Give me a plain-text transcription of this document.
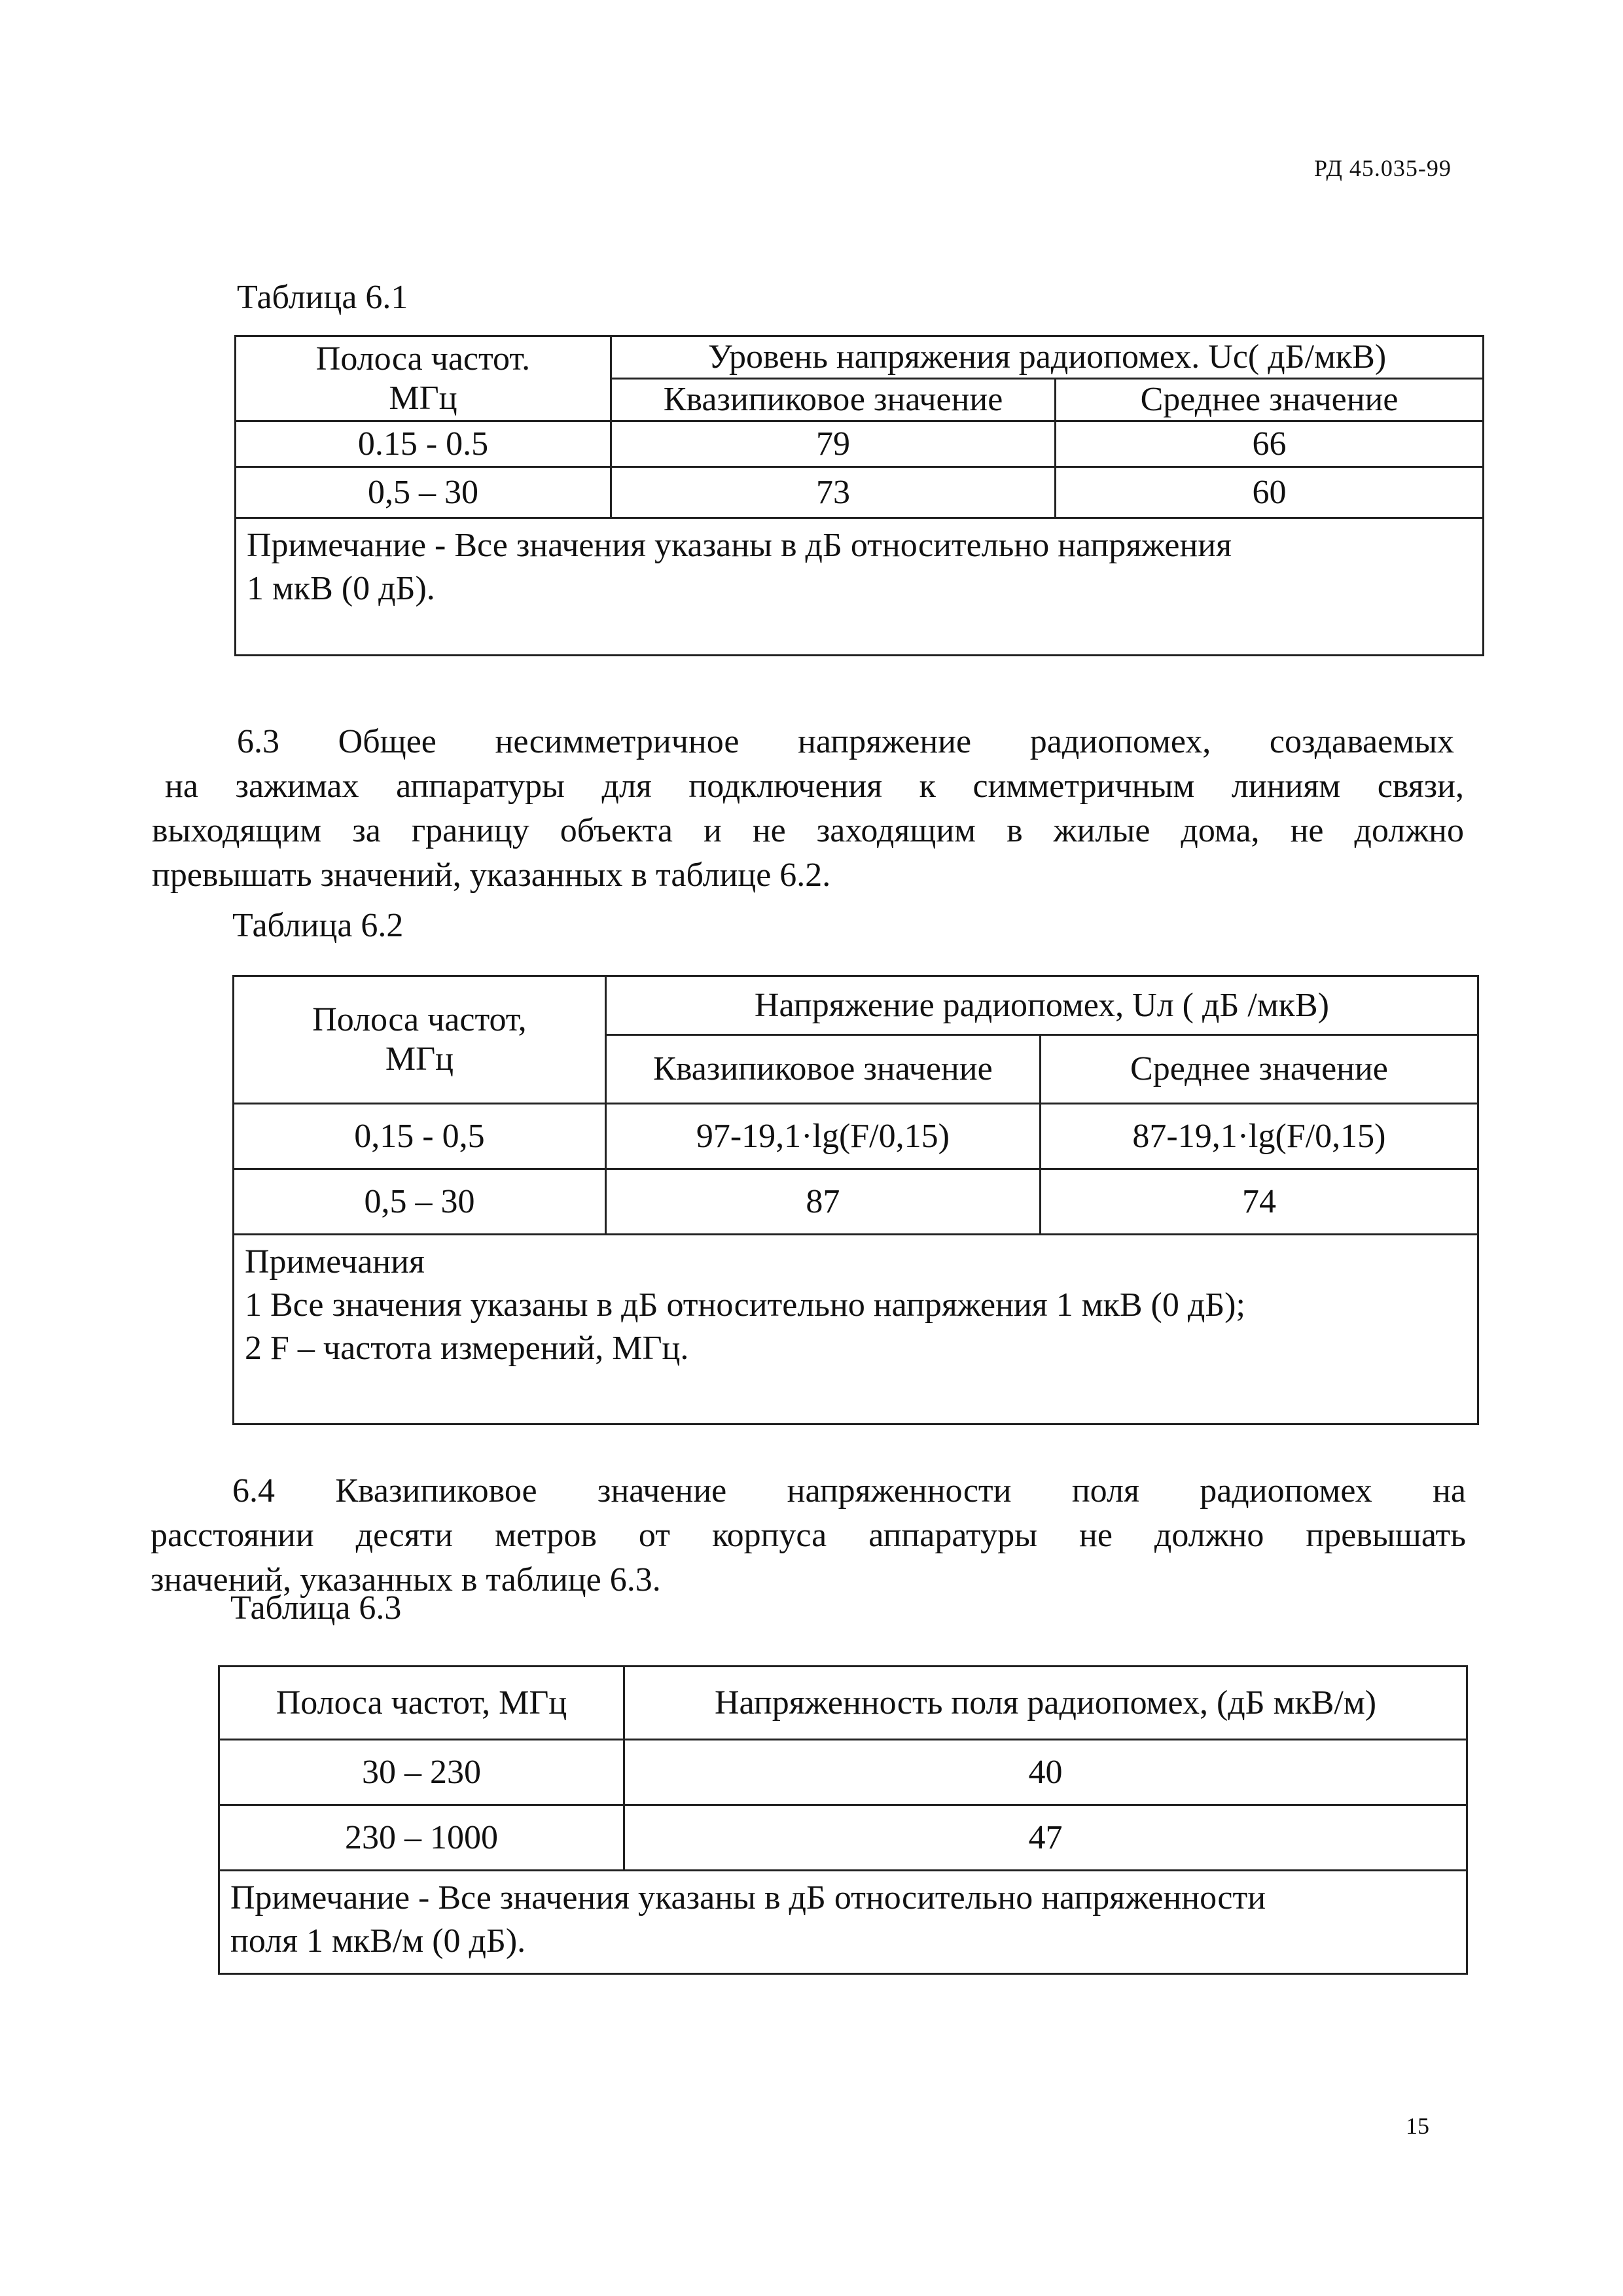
РД 45.035-99
Таблица 6.1
Полоса частот.
МГц	Уровень напряжения радиопомех. Uc( дБ/мкВ)	
	Квазипиковое значение	Среднее значение
0.15 - 0.5	79	66
0,5 – 30	73	60

Примечание - Все значения указаны в дБ относительно напряжения
1 мкВ (0 дБ).		
6.3 Общее несимметричное напряжение радиопомех, создаваемых
на зажимах аппаратуры для подключения к симметричным линиям связи,
выходящим за границу объекта и не заходящим в жилые дома, не должно
превышать значений, указанных в таблице 6.2.
Таблица 6.2
Полоса частот,
МГц	Напряжение радиопомех, Uл ( дБ /мкВ)	
	Квазипиковое значение	Среднее значение
0,15 - 0,5	97-19,1·lg(F/0,15)	87-19,1·lg(F/0,15)
0,5 – 30	87	74

Примечания
1 Все значения указаны в дБ относительно напряжения 1 мкВ (0 дБ);
2 F – частота измерений, МГц.		
6.4 Квазипиковое значение напряженности поля радиопомех на
расстоянии десяти метров от корпуса аппаратуры не должно превышать
значений, указанных в таблице 6.3.
Таблица 6.3
Полоса частот, МГц	Напряженность поля радиопомех, (дБ мкВ/м)
30 – 230	40
230 – 1000	47

Примечание - Все значения указаны в дБ относительно напряженности
поля 1 мкВ/м (0 дБ).	
15
